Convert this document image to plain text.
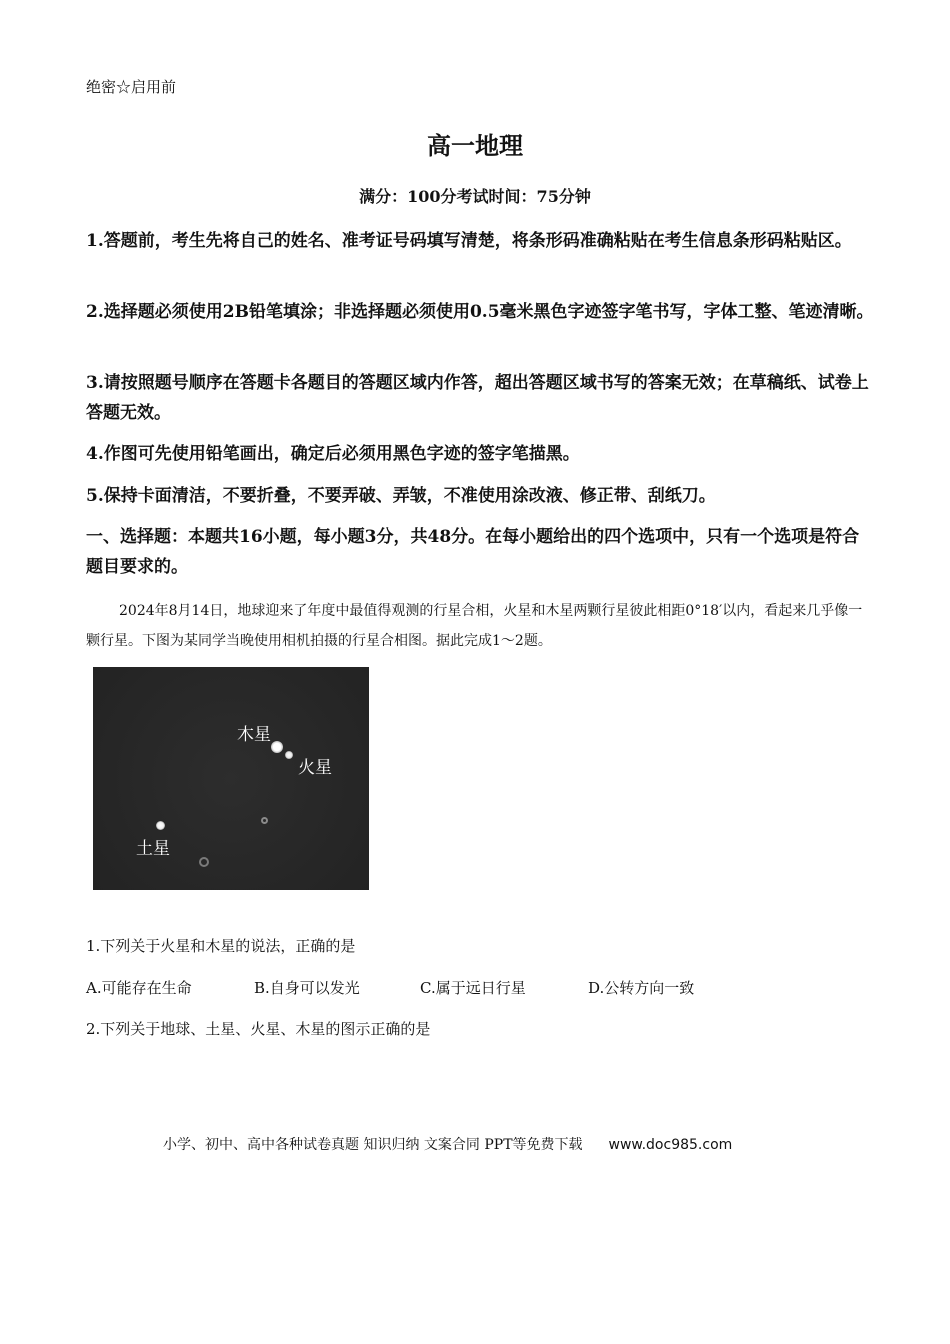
绝密☆启用前
高一地理
满分：100分考试时间：75分钟
1.答题前，考生先将自己的姓名、准考证号码填写清楚，将条形码准确粘贴在考生信息条形码粘贴区。
2.选择题必须使用2B铅笔填涂；非选择题必须使用0.5毫米黑色字迹签字笔书写，字体工整、笔迹清晰。
3.请按照题号顺序在答题卡各题目的答题区域内作答，超出答题区域书写的答案无效；在草稿纸、试卷上答题无效。
4.作图可先使用铅笔画出，确定后必须用黑色字迹的签字笔描黑。
5.保持卡面清洁，不要折叠，不要弄破、弄皱，不准使用涂改液、修正带、刮纸刀。
一、选择题：本题共16小题，每小题3分，共48分。在每小题给出的四个选项中，只有一个选项是符合题目要求的。
2024年8月14日，地球迎来了年度中最值得观测的行星合相，火星和木星两颗行星彼此相距0°18′以内，看起来几乎像一颗行星。下图为某同学当晚使用相机拍摄的行星合相图。据此完成1～2题。
木星
火星
土星
1.下列关于火星和木星的说法，正确的是
A.可能存在生命	B.自身可以发光	C.属于远日行星	D.公转方向一致
2.下列关于地球、土星、火星、木星的图示正确的是
小学、初中、高中各种试卷真题 知识归纳 文案合同 PPT等免费下载 www.doc985.com
